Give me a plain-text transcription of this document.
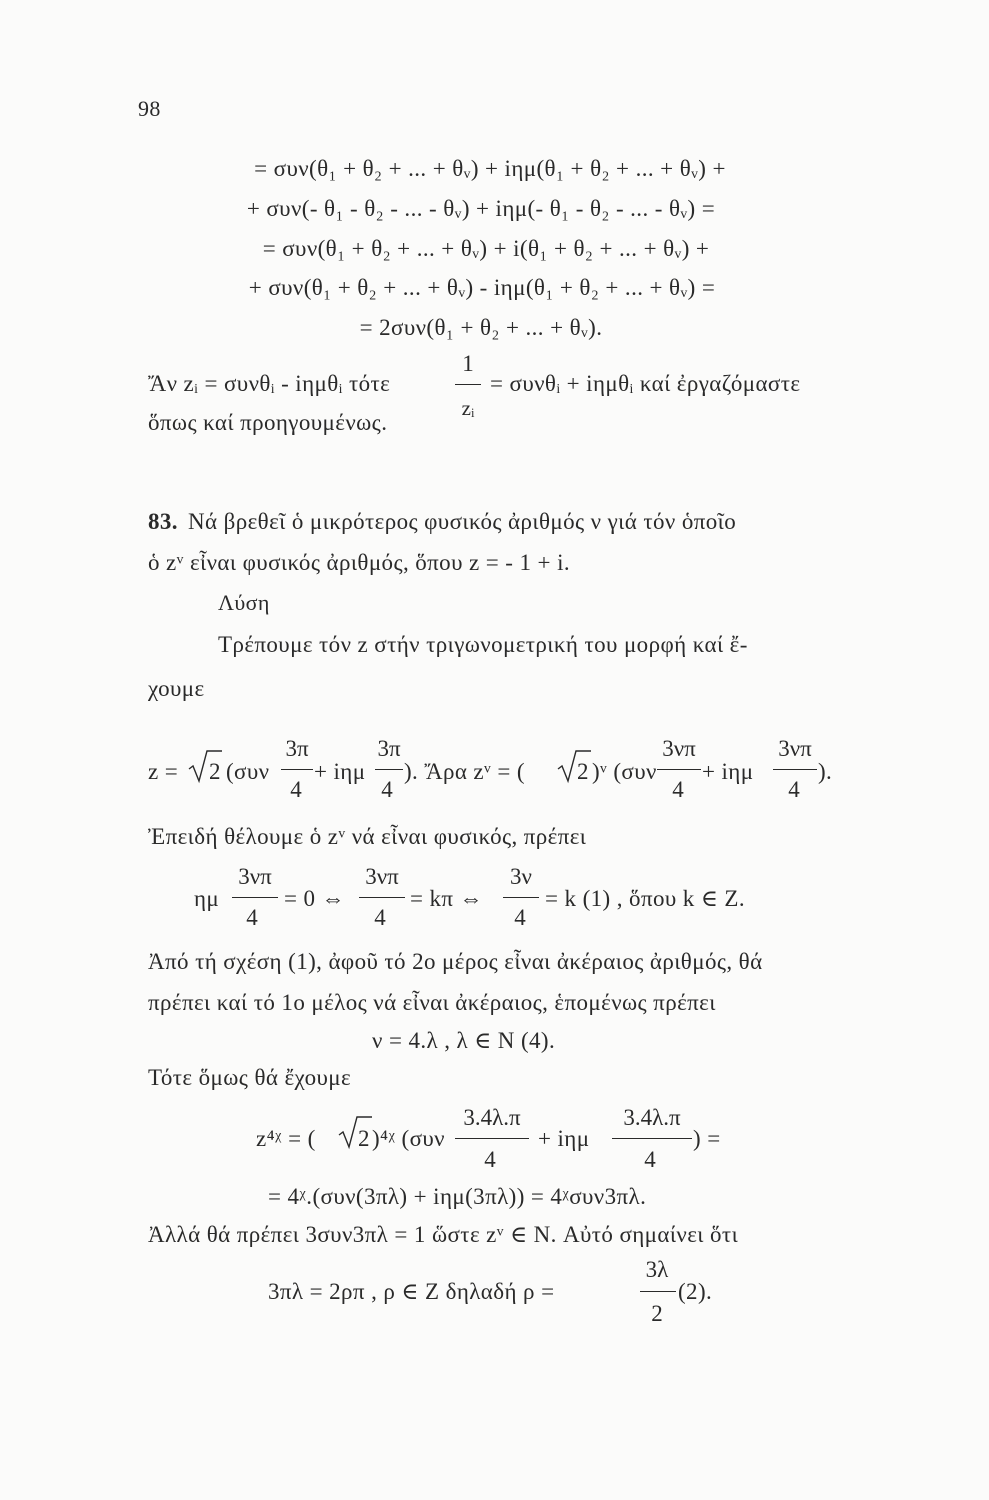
98
= συν(θ₁ + θ₂ + ... + θᵥ) + iημ(θ₁ + θ₂ + ... + θᵥ) +
+ συν(- θ₁ - θ₂ - ... - θᵥ) + iημ(- θ₁ - θ₂ - ... - θᵥ) =
= συν(θ₁ + θ₂ + ... + θᵥ) + i(θ₁ + θ₂ + ... + θᵥ) +
+ συν(θ₁ + θ₂ + ... + θᵥ) - iημ(θ₁ + θ₂ + ... + θᵥ) =
= 2συν(θ₁ + θ₂ + ... + θᵥ).
Ἄν zᵢ = συνθᵢ - iημθᵢ τότε
1
zᵢ
= συνθᵢ + iημθᵢ καί ἐργαζόμαστε
ὅπως καί προηγουμένως.
83. Νά βρεθεῖ ὁ μικρότερος φυσικός ἀριθμός ν γιά τόν ὁποῖο
ὁ zᵛ εἶναι φυσικός ἀριθμός, ὅπου z = - 1 + i.
Λύση
Τρέπουμε τόν z στήν τριγωνομετρική του μορφή καί ἔ-
χουμε
z = 2 (συν
3π
4
+ iημ
3π
4
). Ἄρα zᵛ = ( 2 )ᵛ (συν
3νπ
4
+ iημ
3νπ
4
).
Ἐπειδή θέλουμε ὁ zᵛ νά εἶναι φυσικός, πρέπει
ημ
3νπ
4
= 0 ⇔
3νπ
4
= kπ ⇔
3ν
4
= k (1) , ὅπου k ∈ Z.
Ἀπό τή σχέση (1), ἀφοῦ τό 2ο μέρος εἶναι ἀκέραιος ἀριθμός, θά
πρέπει καί τό 1ο μέλος νά εἶναι ἀκέραιος, ἑπομένως πρέπει
ν = 4.λ , λ ∈ N (4).
Τότε ὅμως θά ἔχουμε
z⁴ᵡ = ( 2 )⁴ᵡ (συν
3.4λ.π
4
+ iημ
3.4λ.π
4
) =
= 4ᵡ.(συν(3πλ) + iημ(3πλ)) = 4ᵡσυν3πλ.
Ἀλλά θά πρέπει 3συν3πλ = 1 ὥστε zᵛ ∈ N. Αὐτό σημαίνει ὅτι
3πλ = 2ρπ , ρ ∈ Z δηλαδή ρ =
3λ
2
(2).
